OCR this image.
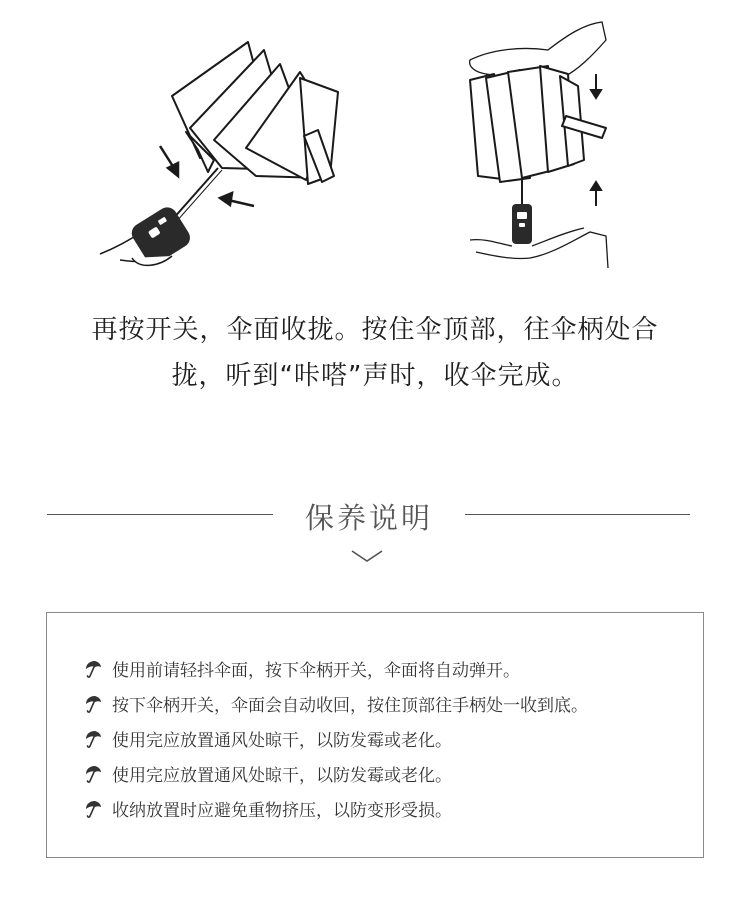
再按开关，伞面收拢。按住伞顶部，往伞柄处合
拢，听到“咔嗒”声时，收伞完成。
保养说明
使用前请轻抖伞面，按下伞柄开关，伞面将自动弹开。
按下伞柄开关，伞面会自动收回，按住顶部往手柄处一收到底。
使用完应放置通风处晾干，以防发霉或老化。
使用完应放置通风处晾干，以防发霉或老化。
收纳放置时应避免重物挤压，以防变形受损。
